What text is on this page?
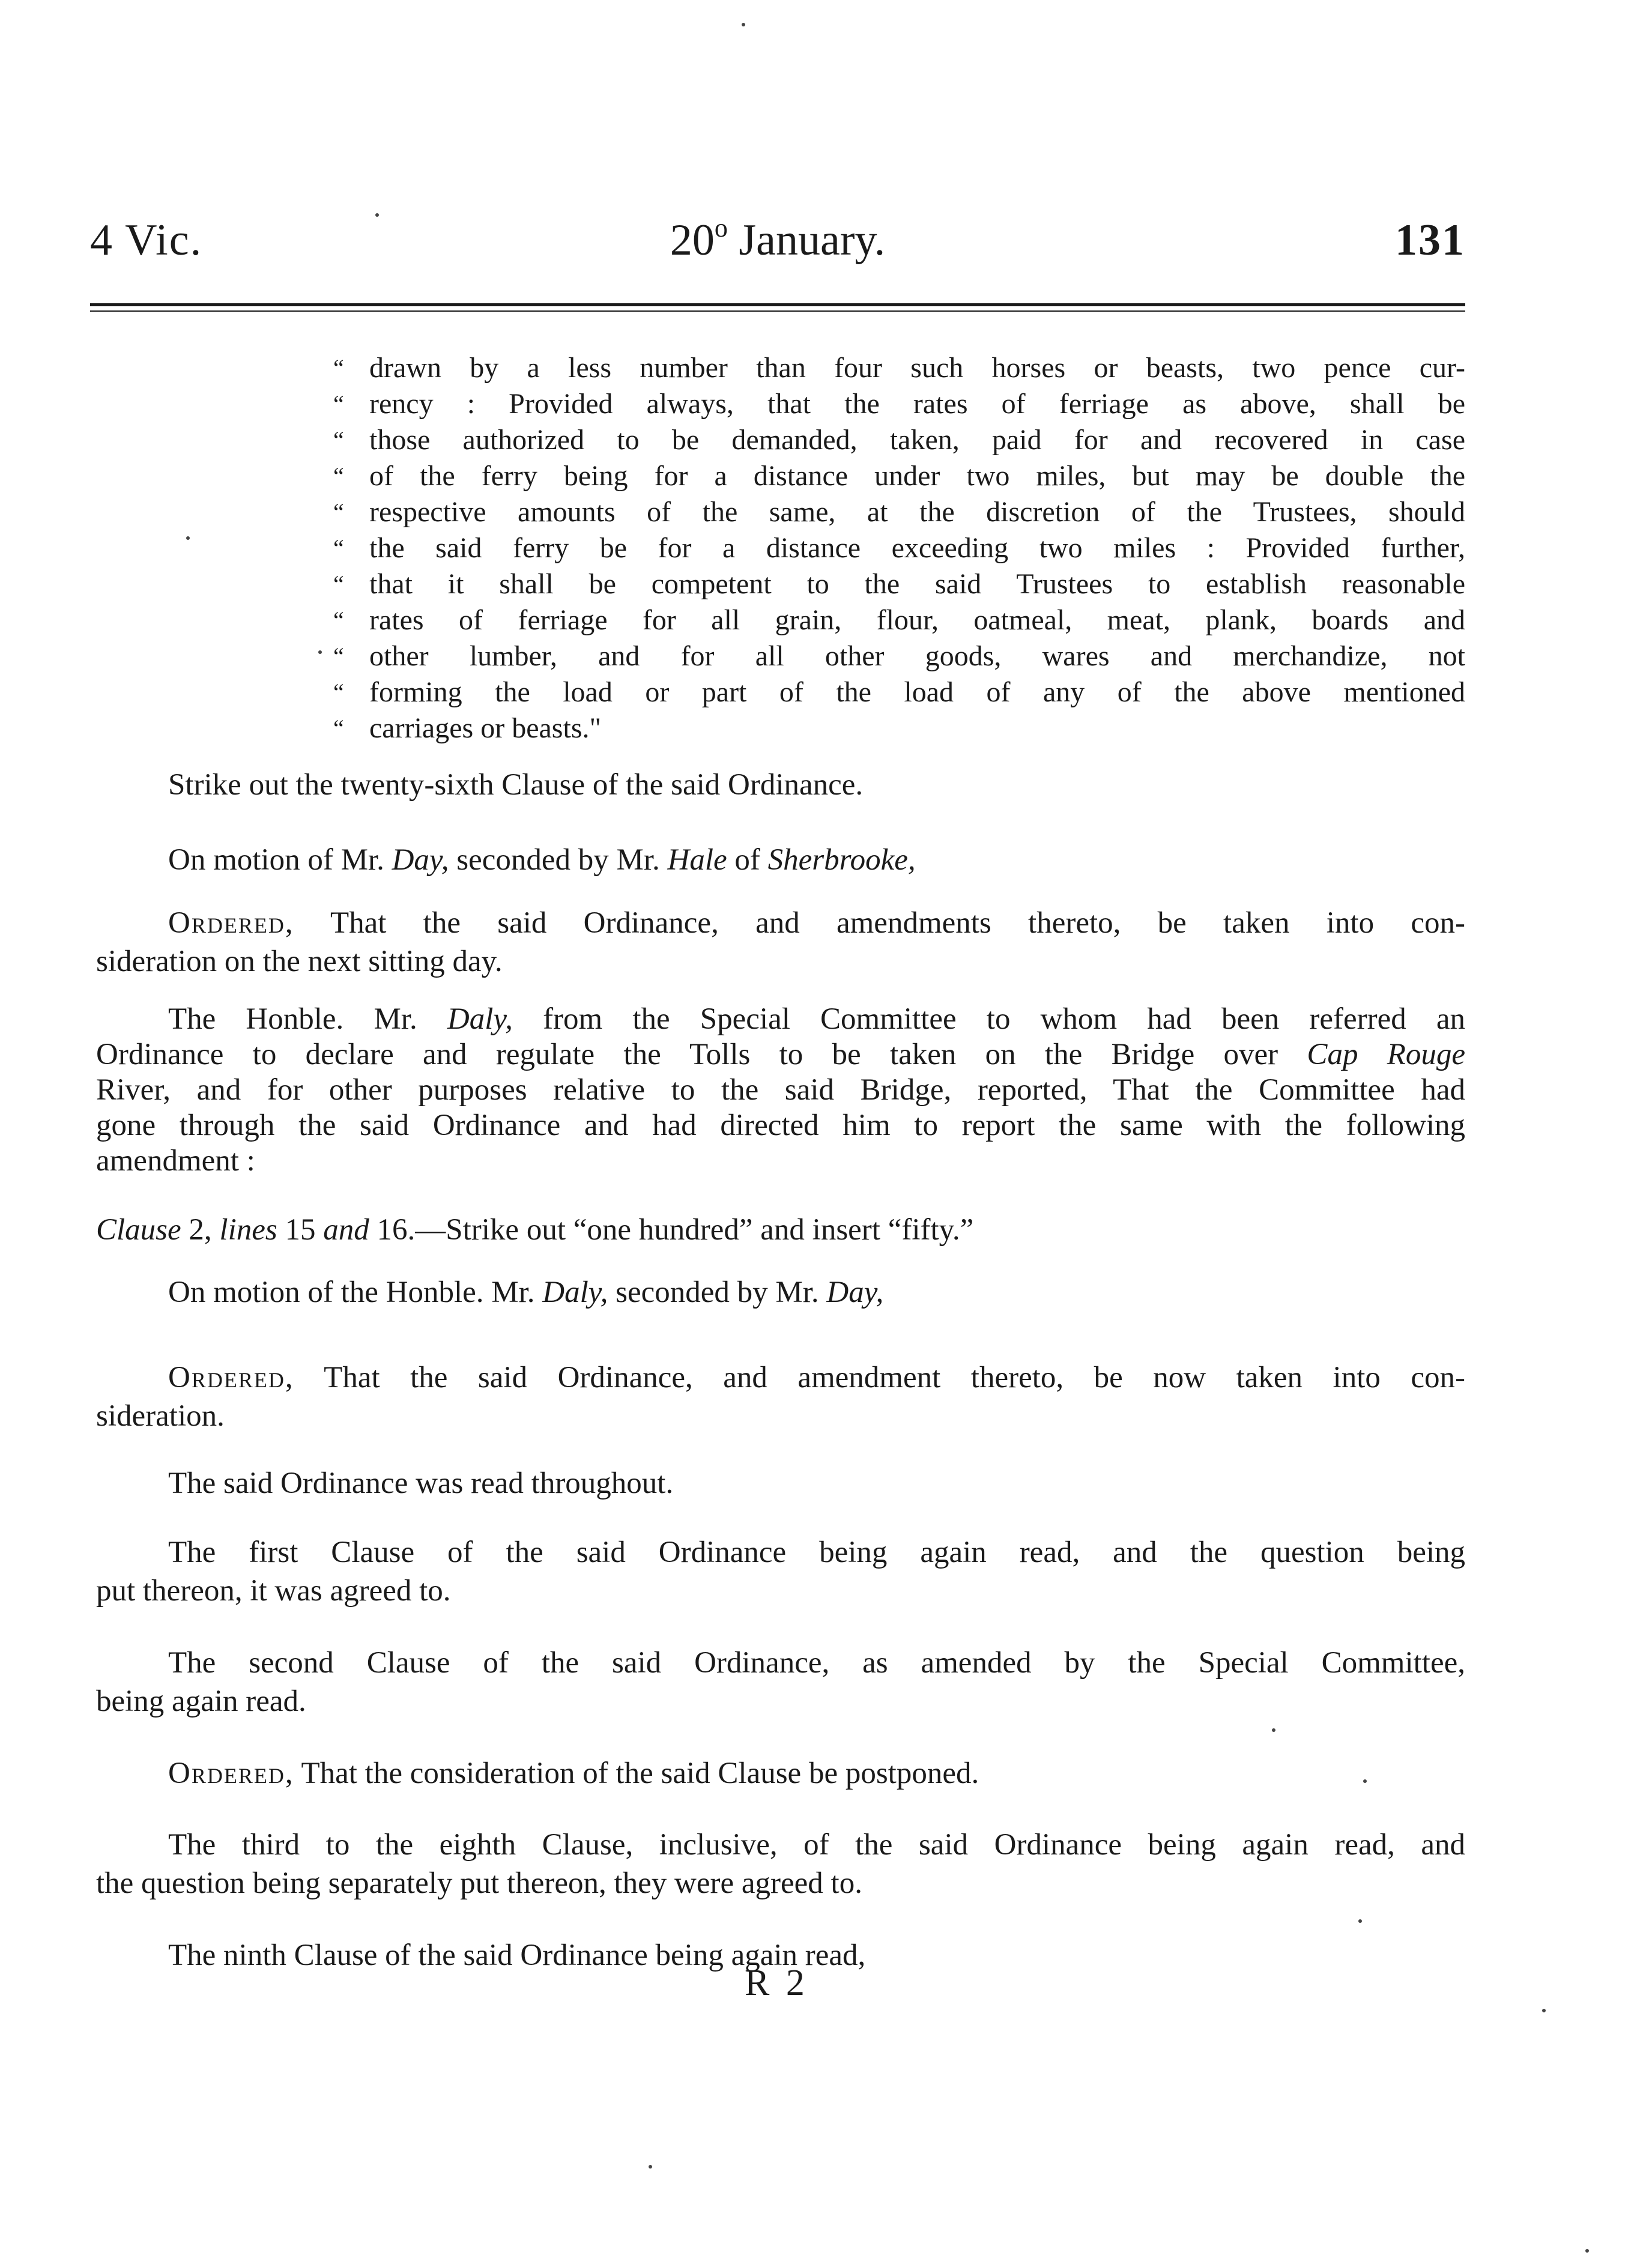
4 Vic.	20$^o$ January.	131
“ drawn by a less number than four such horses or beasts, two pence cur-
“ rency : Provided always, that the rates of ferriage as above, shall be
“ those authorized to be demanded, taken, paid for and recovered in case
“ of the ferry being for a distance under two miles, but may be double the
“ respective amounts of the same, at the discretion of the Trustees, should
“ the said ferry be for a distance exceeding two miles : Provided further,
“ that it shall be competent to the said Trustees to establish reasonable
“ rates of ferriage for all grain, flour, oatmeal, meat, plank, boards and
“ other lumber, and for all other goods, wares and merchandize, not
“ forming the load or part of the load of any of the above mentioned
“ carriages or beasts."
Strike out the twenty-sixth Clause of the said Ordinance.
On motion of Mr. Day, seconded by Mr. Hale of Sherbrooke,
Ordered, That the said Ordinance, and amendments thereto, be taken into con-
sideration on the next sitting day.
The Honble. Mr. Daly, from the Special Committee to whom had been referred an
Ordinance to declare and regulate the Tolls to be taken on the Bridge over Cap Rouge
River, and for other purposes relative to the said Bridge, reported, That the Committee had
gone through the said Ordinance and had directed him to report the same with the following
amendment :
Clause 2, lines 15 and 16.—Strike out “one hundred” and insert “fifty.”
On motion of the Honble. Mr. Daly, seconded by Mr. Day,
Ordered, That the said Ordinance, and amendment thereto, be now taken into con-
sideration.
The said Ordinance was read throughout.
The first Clause of the said Ordinance being again read, and the question being
put thereon, it was agreed to.
The second Clause of the said Ordinance, as amended by the Special Committee,
being again read.
Ordered, That the consideration of the said Clause be postponed.
The third to the eighth Clause, inclusive, of the said Ordinance being again read, and
the question being separately put thereon, they were agreed to.
The ninth Clause of the said Ordinance being again read,
R 2
